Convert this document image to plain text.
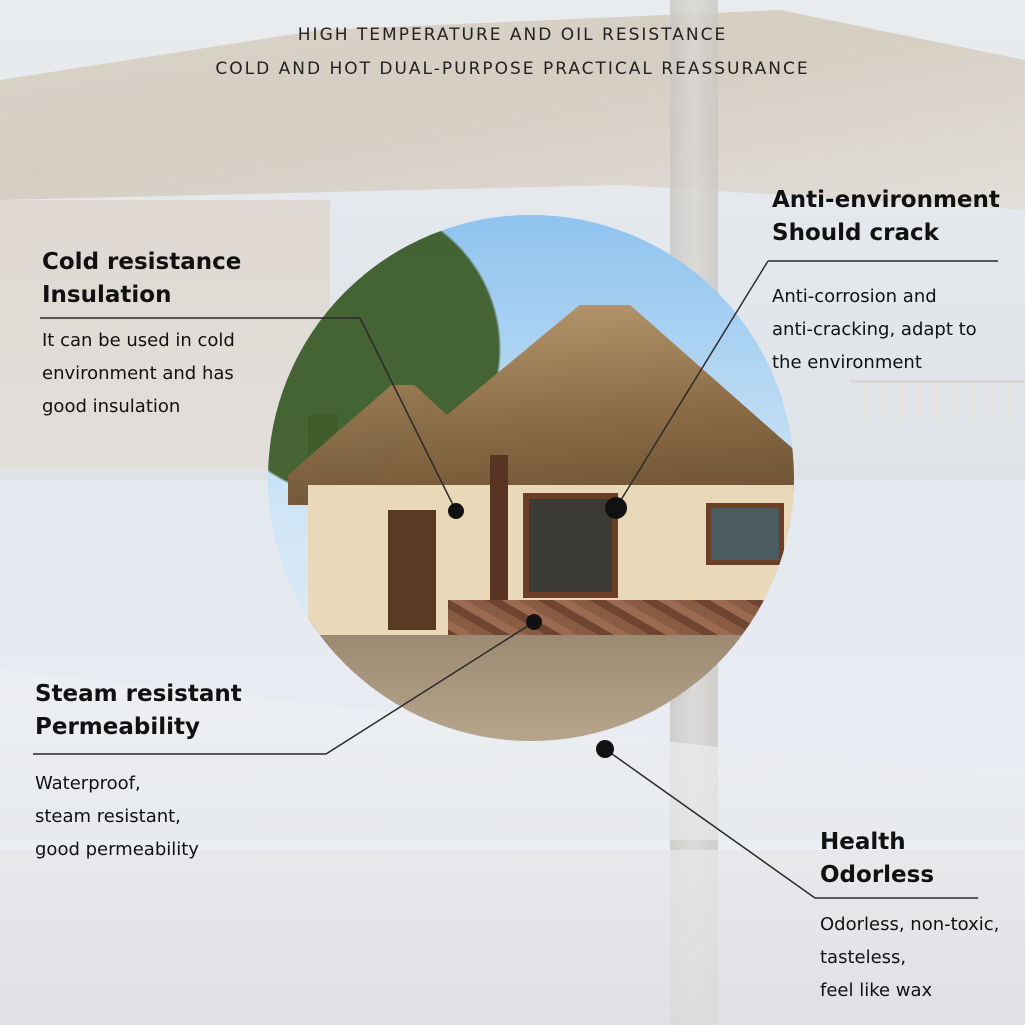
HIGH TEMPERATURE AND OIL RESISTANCE
COLD AND HOT DUAL-PURPOSE PRACTICAL REASSURANCE
Cold resistance
Insulation
It can be used in cold
environment and has
good insulation
Anti-environment
Should crack
Anti-corrosion and
anti-cracking, adapt to
the environment
Steam resistant
Permeability
Waterproof,
steam resistant,
good permeability	Health
Odorless
Odorless, non-toxic,
tasteless,
feel like wax
